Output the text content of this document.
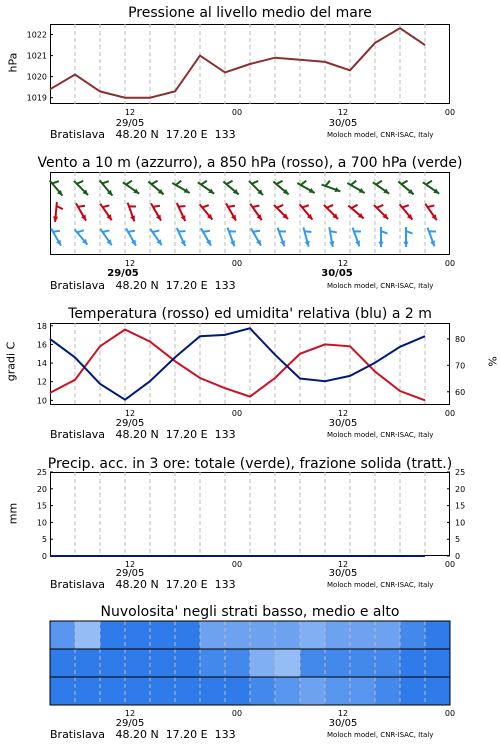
Pressione al livello medio del mare
hPa
1019
1020
1021
1022
12	00	12	00
29/05	30/05
Bratislava 48.20 N 17.20 E 133	Moloch model, CNR-ISAC, Italy
Vento a 10 m (azzurro), a 850 hPa (rosso), a 700 hPa (verde)
12	00	12	00
29/05	30/05
Bratislava 48.20 N 17.20 E 133	Moloch model, CNR-ISAC, Italy
Temperatura (rosso) ed umidita' relativa (blu) a 2 m
gradi C	%
10
12
14
16
18
60
70
80
12	00	12	00
29/05	30/05
Bratislava 48.20 N 17.20 E 133	Moloch model, CNR-ISAC, Italy
Precip. acc. in 3 ore: totale (verde), frazione solida (tratt.)
mm
0
5
10
15
20
25
0
5
10
15
20
25
12	00	12	00
29/05	30/05
Bratislava 48.20 N 17.20 E 133	Moloch model, CNR-ISAC, Italy
Nuvolosita' negli strati basso, medio e alto
12	00	12	00
29/05	30/05
Bratislava 48.20 N 17.20 E 133	Moloch model, CNR-ISAC, Italy
